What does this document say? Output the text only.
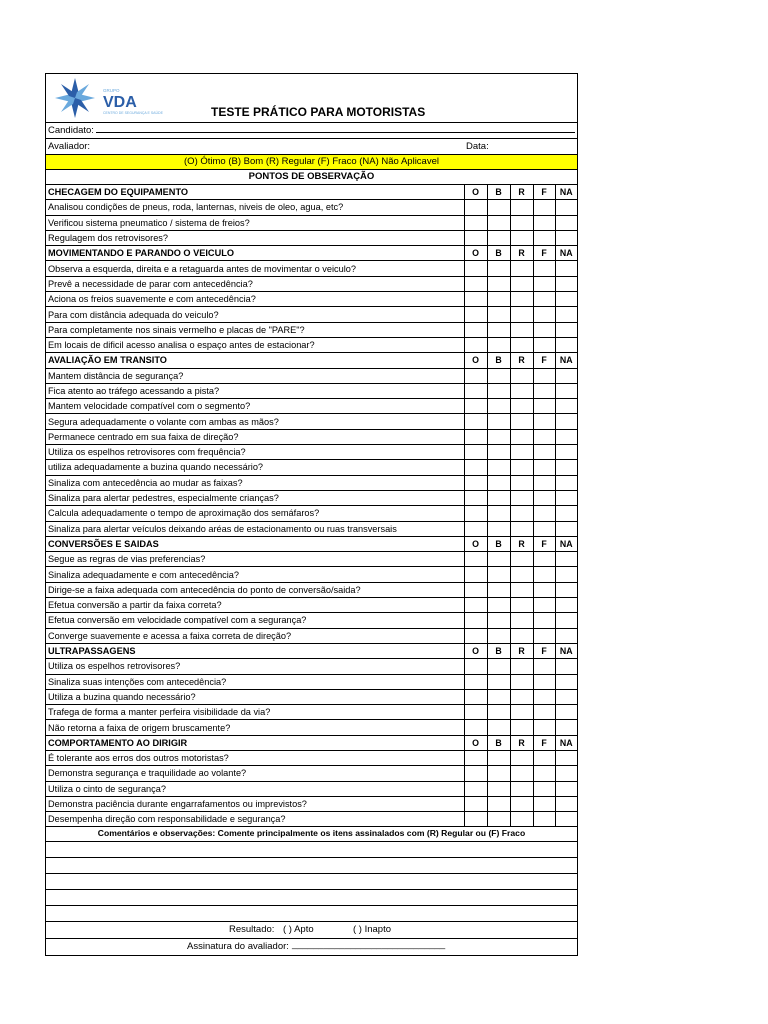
GRUPO
VDA
CENTRO DE SEGURANÇA E SAÚDE	TESTE PRÁTICO PARA MOTORISTAS
Candidato:
Avaliador:	Data:
(O) Ótimo (B) Bom (R) Regular (F) Fraco (NA) Não Aplicavel
PONTOS DE OBSERVAÇÃO
CHECAGEM DO EQUIPAMENTO	O	B	R	F	NA
Analisou condições de pneus, roda, lanternas, niveis de oleo, agua, etc?					
Verificou sistema pneumatico / sistema de freios?					
Regulagem dos retrovisores?					
MOVIMENTANDO E PARANDO O VEICULO	O	B	R	F	NA
Observa a esquerda, direita e a retaguarda antes de movimentar o veiculo?					
Prevê a necessidade de parar com antecedência?					
Aciona os freios suavemente e com antecedência?					
Para com distância adequada do veiculo?					
Para completamente nos sinais vermelho e placas de "PARE"?					
Em locais de dificil acesso analisa o espaço antes de estacionar?					
AVALIAÇÃO EM TRANSITO	O	B	R	F	NA
Mantem distância de segurança?					
Fica atento ao tráfego acessando a pista?					
Mantem velocidade compatível com o segmento?					
Segura adequadamente o volante com ambas as mãos?					
Permanece centrado em sua faixa de direção?					
Utiliza os espelhos retrovisores com frequência?					
utiliza adequadamente a buzina quando necessário?					
Sinaliza com antecedência ao mudar as faixas?					
Sinaliza para alertar pedestres, especialmente crianças?					
Calcula adequadamente o tempo de aproximação dos semáfaros?					
Sinaliza para alertar veículos deixando aréas de estacionamento ou ruas transversais					
CONVERSÕES E SAIDAS	O	B	R	F	NA
Segue as regras de vias preferencias?					
Sinaliza adequadamente e com antecedência?					
Dirige-se a faixa adequada com antecedência do ponto de conversão/saida?					
Efetua conversão a partir da faixa correta?					
Efetua conversão em velocidade compatível com a segurança?					
Converge suavemente e acessa a faixa correta de direção?					
ULTRAPASSAGENS	O	B	R	F	NA
Utiliza os espelhos retrovisores?					
Sinaliza suas intenções com antecedência?					
Utiliza a buzina quando necessário?					
Trafega de forma a manter perfeira visibilidade da via?					
Não retorna a faixa de origem bruscamente?					
COMPORTAMENTO AO DIRIGIR	O	B	R	F	NA
É tolerante aos erros dos outros motoristas?					
Demonstra segurança e traquilidade ao volante?					
Utiliza o cinto de segurança?					
Demonstra paciência durante engarrafamentos ou imprevistos?					
Desempenha direção com responsabilidade e segurança?					
Comentários e observações: Comente principalmente os itens assinalados com (R) Regular ou (F) Fraco
Resultado: ( ) Apto	( ) Inapto
Assinatura do avaliador: _____________________________
